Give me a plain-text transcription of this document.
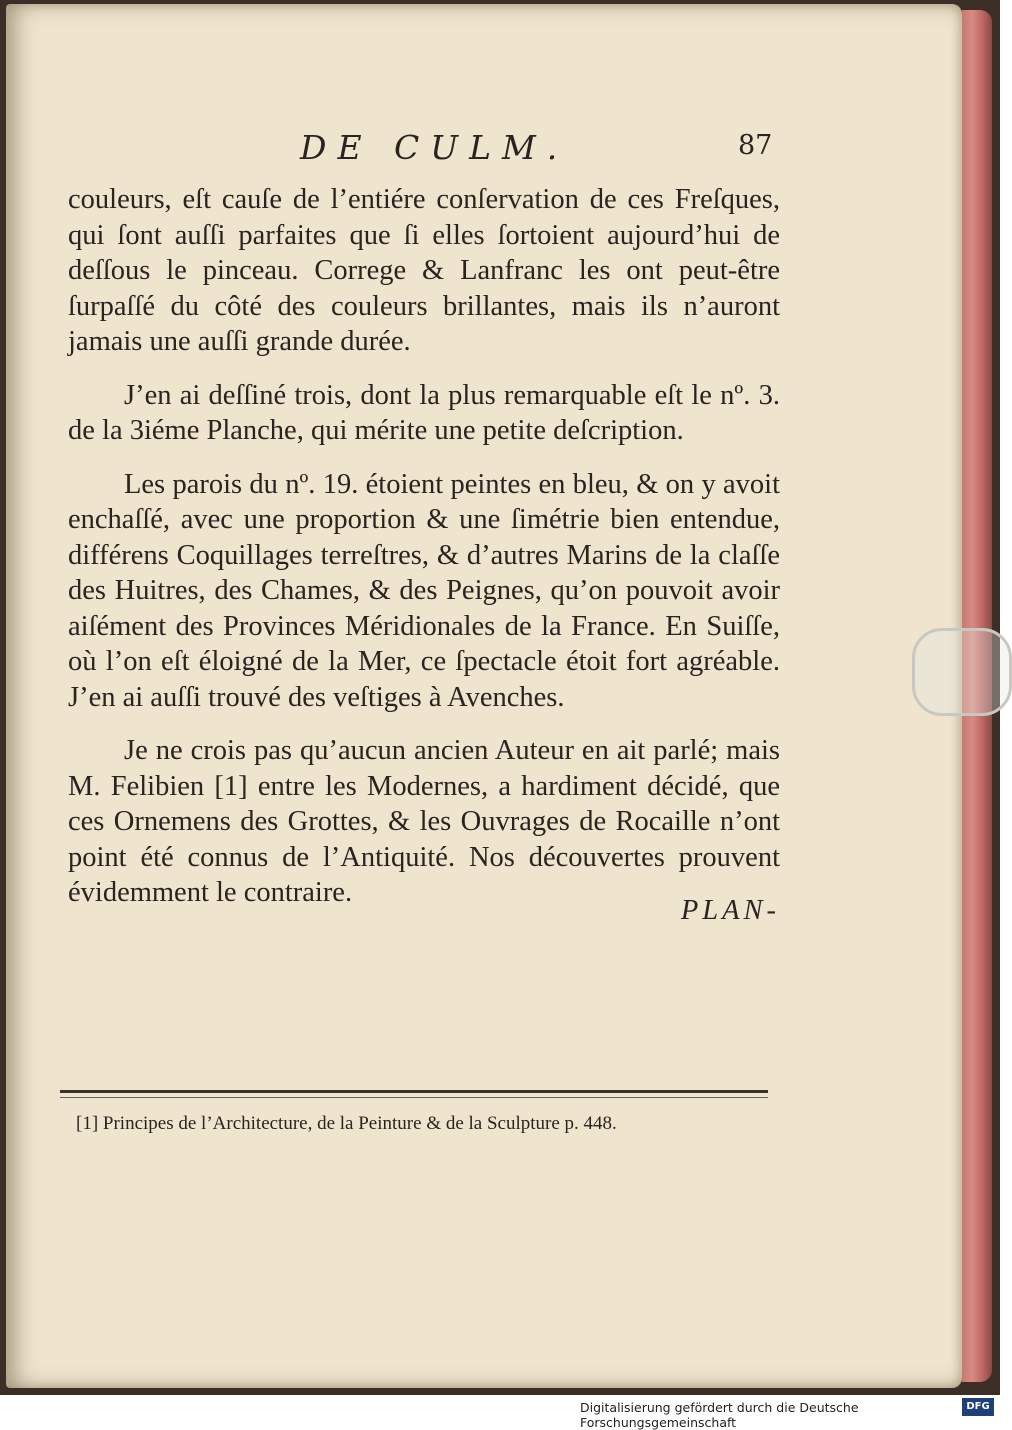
DE CULM.	87

couleurs, eſt cauſe de l’entiére conſervation de ces Freſques, qui ſont auſſi parfaites que ſi elles ſortoient aujourd’hui de deſſous le pinceau. Correge & Lanfranc les ont peut-être ſurpaſſé du côté des couleurs brillantes, mais ils n’auront jamais une auſſi grande durée.

J’en ai deſſiné trois, dont la plus remarquable eſt le nº. 3. de la 3iéme Planche, qui mérite une petite deſcription.

Les parois du nº. 19. étoient peintes en bleu, & on y avoit enchaſſé, avec une proportion & une ſimétrie bien entendue, différens Coquillages terreſtres, & d’autres Marins de la claſſe des Huitres, des Chames, & des Peignes, qu’on pouvoit avoir aiſément des Provinces Méridionales de la France. En Suiſſe, où l’on eſt éloigné de la Mer, ce ſpectacle étoit fort agréable. J’en ai auſſi trouvé des veſtiges à Avenches.

Je ne crois pas qu’aucun ancien Auteur en ait parlé; mais M. Felibien [1] entre les Modernes, a hardiment décidé, que ces Ornemens des Grottes, & les Ouvrages de Rocaille n’ont point été connus de l’Antiquité. Nos découvertes prouvent évidemment le contraire.

PLAN-

[1] Principes de l’Architecture, de la Peinture & de la Sculpture p. 448.

Digitalisierung gefördert durch die Deutsche Forschungsgemeinschaft
DFG
